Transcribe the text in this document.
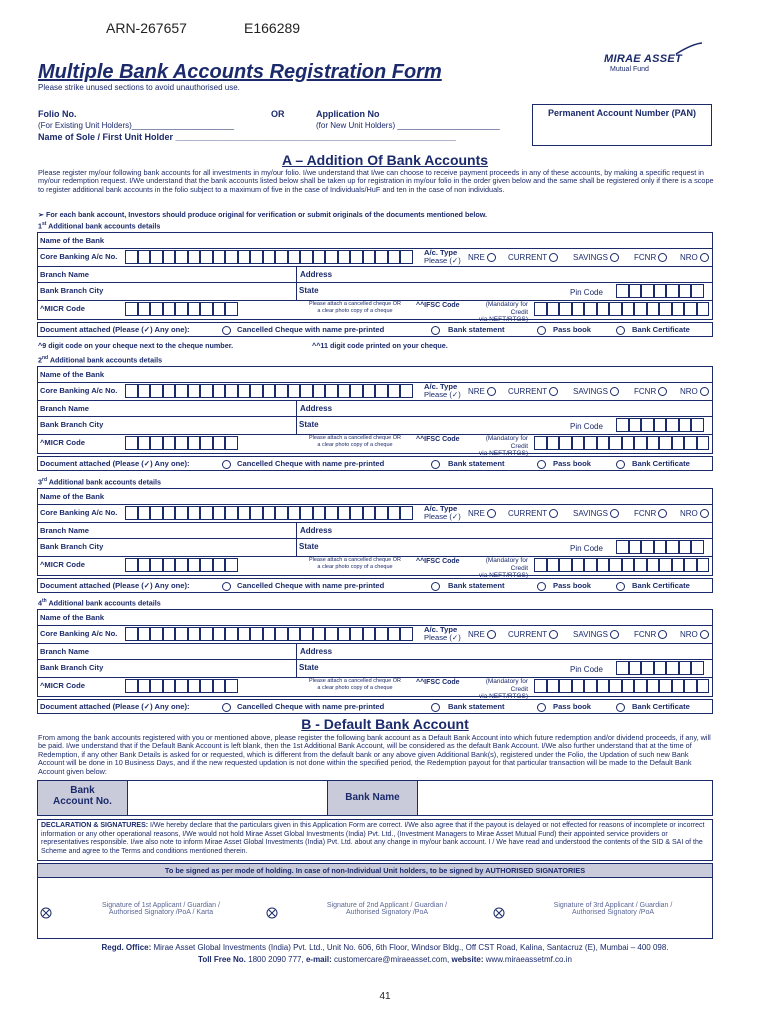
ARN-267657	E166289
Multiple Bank Accounts Registration Form
Please strike unused sections to avoid unauthorised use.
MIRAE ASSET
Mutual Fund
Folio No.
(For Existing Unit Holders)_______________________
OR	Application No
(for New Unit Holders) _______________________
Permanent Account Number (PAN)
Name of Sole / First Unit Holder ________________________________________________________
A – Addition Of Bank Accounts
Please register my/our following bank accounts for all investments in my/our folio. I/we understand that I/we can choose to receive payment proceeds in any of these accounts, by making a specific request in my/our redemption request. I/We understand that the bank accounts listed below shall be taken up for registration in my/our folio in the order given below and the same shall be registered only if there is a scope to register additional bank accounts in the folio subject to a maximum of five in the case of Individuals/HuF and ten in the case of non individuals.
➢ For each bank account, Investors should produce original for verification or submit originals of the documents mentioned below.
1st Additional bank accounts details
Name of the Bank
Core Banking A/c No.	A/c. Type
Please (✓) NRE	CURRENT	SAVINGS	FCNR	NRO
Branch Name	Address
Bank Branch City	State	Pin Code
^MICR Code	Please attach a cancelled cheque OR
a clear photo copy of a cheque
^^IFSC Code	(Mandatory for Credit
via NEFT/RTGS)
Document attached (Please (✓) Any one):	Cancelled Cheque with name pre-printed	Bank statement	Pass book	Bank Certificate
2nd Additional bank accounts details
Name of the Bank
Core Banking A/c No.	A/c. Type
Please (✓) NRE	CURRENT	SAVINGS	FCNR	NRO
Branch Name	Address
Bank Branch City	State	Pin Code
^MICR Code	Please attach a cancelled cheque OR
a clear photo copy of a cheque
^^IFSC Code	(Mandatory for Credit
via NEFT/RTGS)
Document attached (Please (✓) Any one):	Cancelled Cheque with name pre-printed	Bank statement	Pass book	Bank Certificate
3rd Additional bank accounts details
Name of the Bank
Core Banking A/c No.	A/c. Type
Please (✓) NRE	CURRENT	SAVINGS	FCNR	NRO
Branch Name	Address
Bank Branch City	State	Pin Code
^MICR Code	Please attach a cancelled cheque OR
a clear photo copy of a cheque
^^IFSC Code	(Mandatory for Credit
via NEFT/RTGS)
Document attached (Please (✓) Any one):	Cancelled Cheque with name pre-printed	Bank statement	Pass book	Bank Certificate
4th Additional bank accounts details
Name of the Bank
Core Banking A/c No.	A/c. Type
Please (✓) NRE	CURRENT	SAVINGS	FCNR	NRO
Branch Name	Address
Bank Branch City	State	Pin Code
^MICR Code	Please attach a cancelled cheque OR
a clear photo copy of a cheque
^^IFSC Code	(Mandatory for Credit
via NEFT/RTGS)
Document attached (Please (✓) Any one):	Cancelled Cheque with name pre-printed	Bank statement	Pass book	Bank Certificate
^9 digit code on your cheque next to the cheque number.	^^11 digit code printed on your cheque.
B - Default Bank Account
From among the bank accounts registered with you or mentioned above, please register the following bank account as a Default Bank Account into which future redemption and/or dividend proceeds, if any, will be paid. I/we understand that if the Default Bank Account is left blank, then the 1st Additional Bank Account, will be considered as the default Bank Account. I/We also further understand that at the time of Redemption, if any other Bank Details is asked for or requested, which is different from the default bank or any above given Additional Bank(s), registered under the Folio, the Updation of such new Bank Account will be done in 10 Business Days, and if the new requested updation is not done within the specified period, the Redemption payout for that particular transaction will be made to the Default Bank Account given below:
Bank
Account No.	Bank Name
DECLARATION & SIGNATURES: I/We hereby declare that the particulars given in this Application Form are correct. I/We also agree that if the payout is delayed or not effected for reasons of incomplete or incorrect information or any other operational reasons, I/We would not hold Mirae Asset Global Investments (India) Pvt. Ltd., (Investment Managers to Mirae Asset Mutual Fund) their appointed service providers or representatives responsible. I/we also note to inform Mirae Asset Global Investments (India) Pvt. Ltd. about any change in my/our bank account. I / We have read and understood the contents of the SID & SAI of the Scheme and agree to the Terms and conditions mentioned therein.
To be signed as per mode of holding. In case of non-Individual Unit holders, to be signed by AUTHORISED SIGNATORIES
Signature of 1st Applicant / Guardian /
Authorised Signatory /PoA / Karta
Signature of 2nd Applicant / Guardian /
Authorised Signatory /PoA
Signature of 3rd Applicant / Guardian /
Authorised Signatory /PoA
Regd. Office: Mirae Asset Global Investments (India) Pvt. Ltd., Unit No. 606, 6th Floor, Windsor Bldg., Off CST Road, Kalina, Santacruz (E), Mumbai – 400 098.
Toll Free No. 1800 2090 777, e-mail: customercare@miraeasset.com, website: www.miraeassetmf.co.in
41
